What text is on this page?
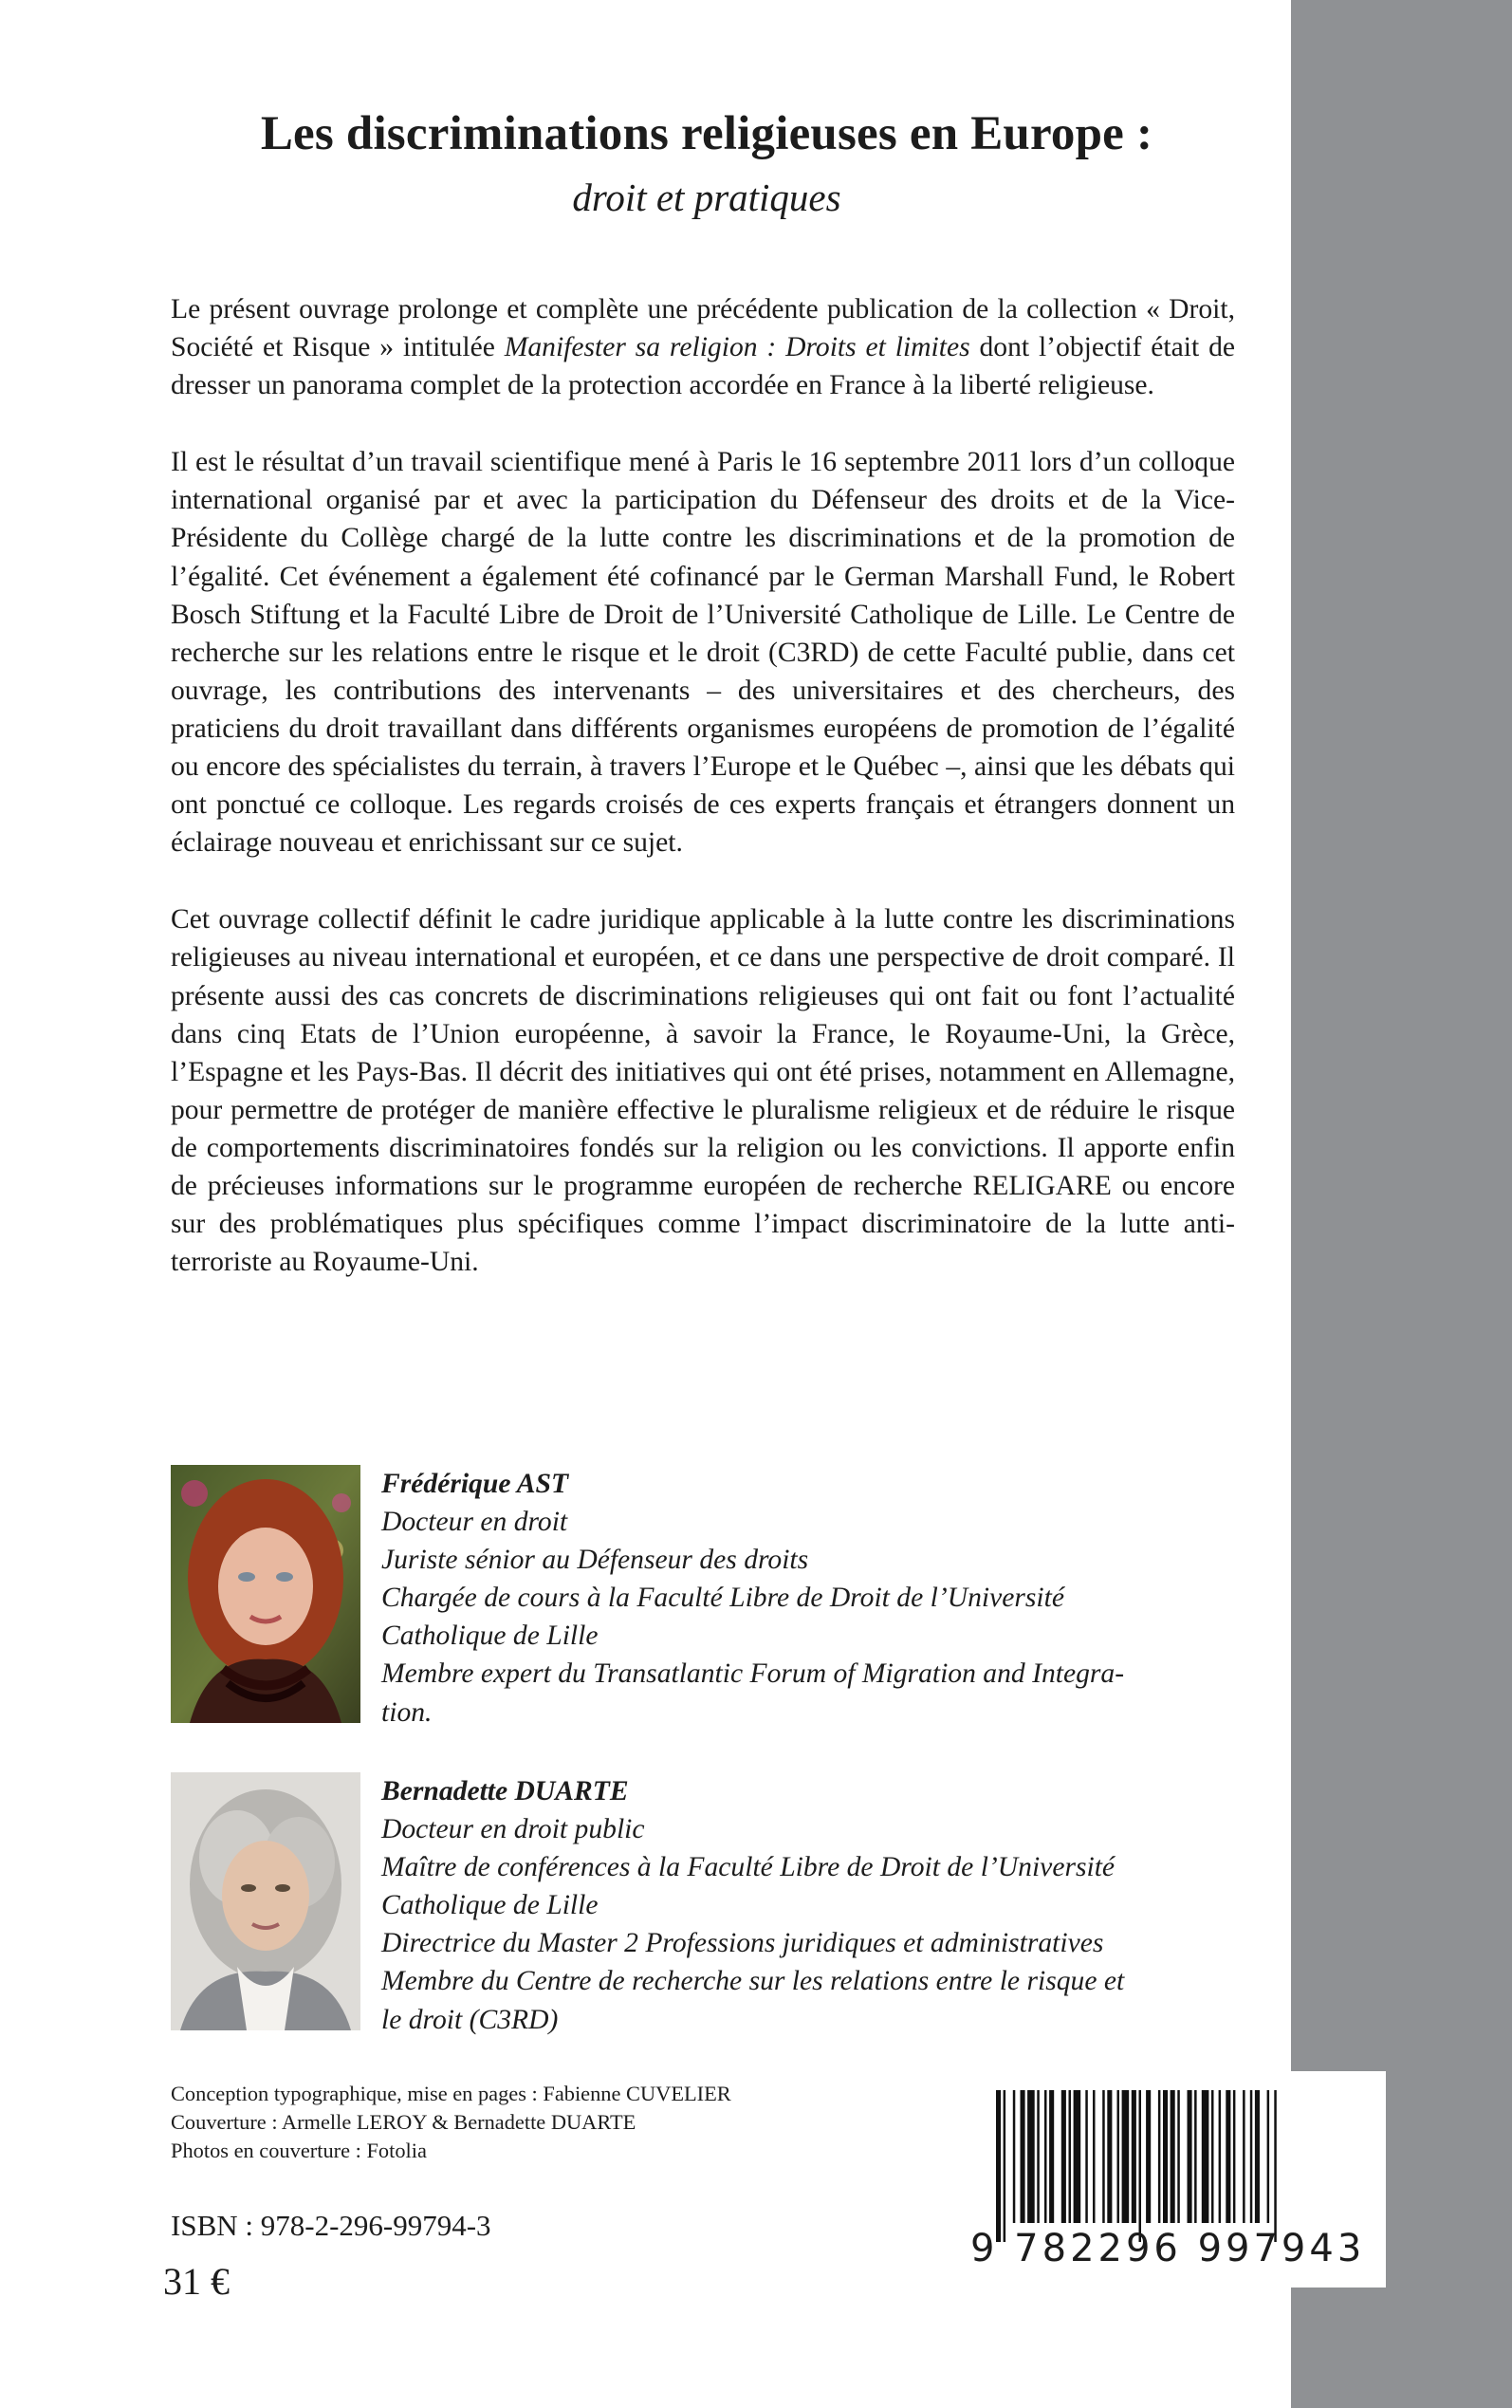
Les discriminations religieuses en Europe :
droit et pratiques

Le présent ouvrage prolonge et complète une précédente publication de la collection « Droit, Société et Risque » intitulée Manifester sa religion : Droits et limites dont l’objectif était de dresser un panorama complet de la protection accordée en France à la liberté religieuse.

Il est le résultat d’un travail scientifique mené à Paris le 16 septembre 2011 lors d’un colloque international organisé par et avec la participation du Défenseur des droits et de la Vice-Présidente du Collège chargé de la lutte contre les discriminations et de la promotion de l’égalité. Cet événement a également été cofinancé par le German Marshall Fund, le Robert Bosch Stiftung et la Faculté Libre de Droit de l’Université Catholique de Lille. Le Centre de recherche sur les relations entre le risque et le droit (C3RD) de cette Faculté publie, dans cet ouvrage, les contributions des intervenants – des universitaires et des chercheurs, des praticiens du droit travaillant dans différents organismes européens de promotion de l’égalité ou encore des spécialistes du terrain, à travers l’Europe et le Québec –, ainsi que les débats qui ont ponctué ce colloque. Les regards croisés de ces experts français et étrangers donnent un éclairage nouveau et enrichissant sur ce sujet.

Cet ouvrage collectif définit le cadre juridique applicable à la lutte contre les discriminations religieuses au niveau international et européen, et ce dans une perspective de droit comparé. Il présente aussi des cas concrets de discriminations religieuses qui ont fait ou font l’actualité dans cinq Etats de l’Union européenne, à savoir la France, le Royaume-Uni, la Grèce, l’Espagne et les Pays-Bas. Il décrit des initiatives qui ont été prises, notamment en Allemagne, pour permettre de protéger de manière effective le pluralisme religieux et de réduire le risque de comportements discriminatoires fondés sur la religion ou les convictions. Il apporte enfin de précieuses informations sur le programme européen de recherche RELIGARE ou encore sur des problématiques plus spécifiques comme l’impact discriminatoire de la lutte anti-terroriste au Royaume-Uni.

Frédérique AST
Docteur en droit
Juriste sénior au Défenseur des droits
Chargée de cours à la Faculté Libre de Droit de l’Université
Catholique de Lille
Membre expert du Transatlantic Forum of Migration and Integra-
tion.
Bernadette DUARTE
Docteur en droit public
Maître de conférences à la Faculté Libre de Droit de l’Université
Catholique de Lille
Directrice du Master 2 Professions juridiques et administratives
Membre du Centre de recherche sur les relations entre le risque et
le droit (C3RD)
Conception typographique, mise en pages : Fabienne CUVELIER
Couverture : Armelle LEROY & Bernadette DUARTE
Photos en couverture : Fotolia
ISBN : 978-2-296-99794-3
31 €
9 782296 997943
